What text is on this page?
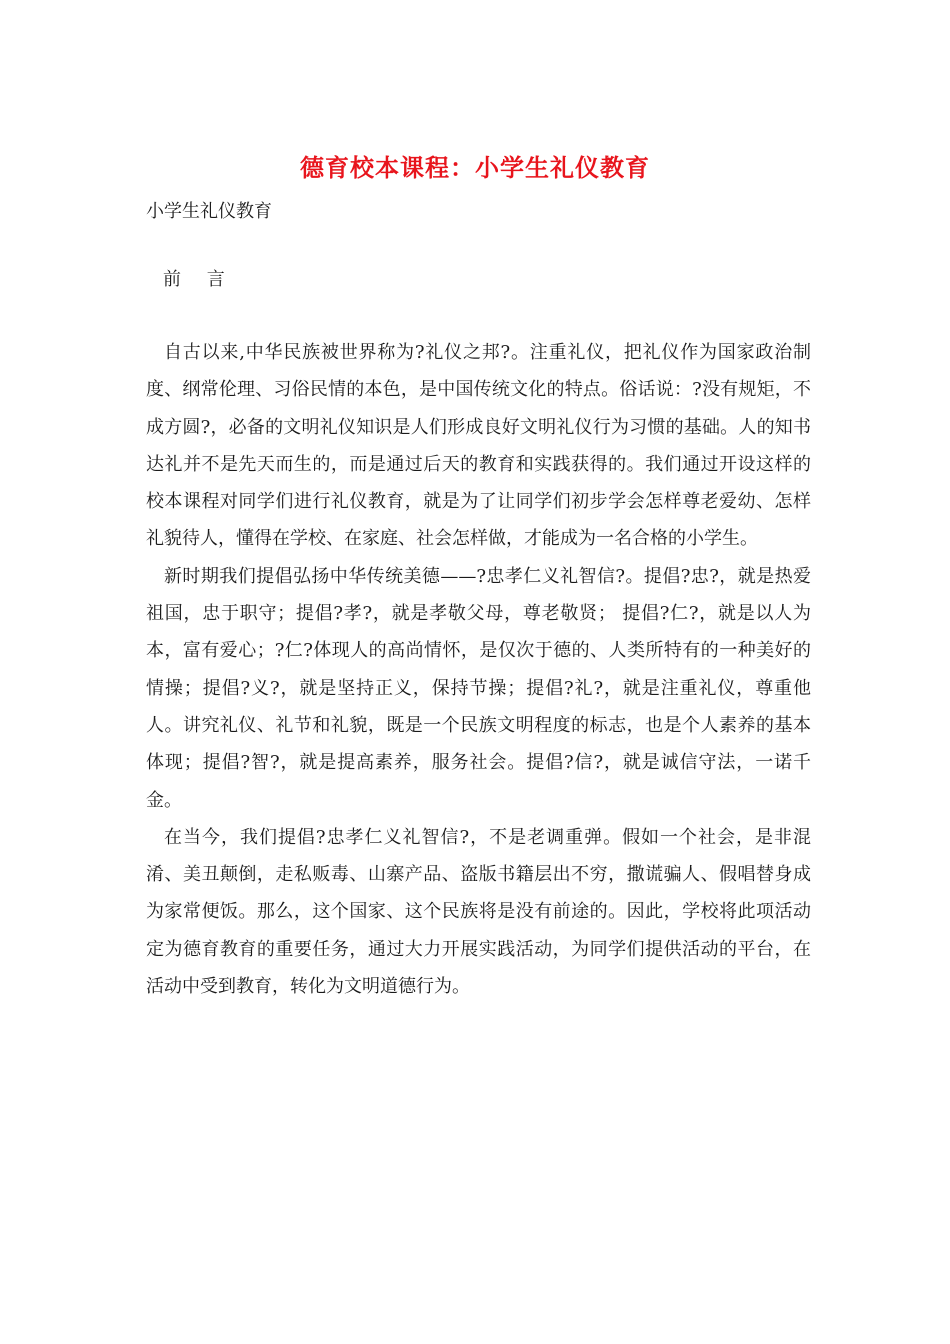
德育校本课程：小学生礼仪教育

小学生礼仪教育

前 言

自古以来,中华民族被世界称为?礼仪之邦?。注重礼仪，把礼仪作为国家政治制度、纲常伦理、习俗民情的本色，是中国传统文化的特点。俗话说：?没有规矩，不成方圆?，必备的文明礼仪知识是人们形成良好文明礼仪行为习惯的基础。人的知书达礼并不是先天而生的，而是通过后天的教育和实践获得的。我们通过开设这样的校本课程对同学们进行礼仪教育，就是为了让同学们初步学会怎样尊老爱幼、怎样礼貌待人，懂得在学校、在家庭、社会怎样做，才能成为一名合格的小学生。

新时期我们提倡弘扬中华传统美德——?忠孝仁义礼智信?。提倡?忠?，就是热爱祖国，忠于职守；提倡?孝?，就是孝敬父母，尊老敬贤； 提倡?仁?，就是以人为本，富有爱心；?仁?体现人的高尚情怀，是仅次于德的、人类所特有的一种美好的情操；提倡?义?，就是坚持正义，保持节操；提倡?礼?，就是注重礼仪，尊重他人。讲究礼仪、礼节和礼貌，既是一个民族文明程度的标志，也是个人素养的基本体现；提倡?智?，就是提高素养，服务社会。提倡?信?，就是诚信守法，一诺千金。

在当今，我们提倡?忠孝仁义礼智信?，不是老调重弹。假如一个社会，是非混淆、美丑颠倒，走私贩毒、山寨产品、盗版书籍层出不穷，撒谎骗人、假唱替身成为家常便饭。那么，这个国家、这个民族将是没有前途的。因此，学校将此项活动定为德育教育的重要任务，通过大力开展实践活动，为同学们提供活动的平台，在活动中受到教育，转化为文明道德行为。
